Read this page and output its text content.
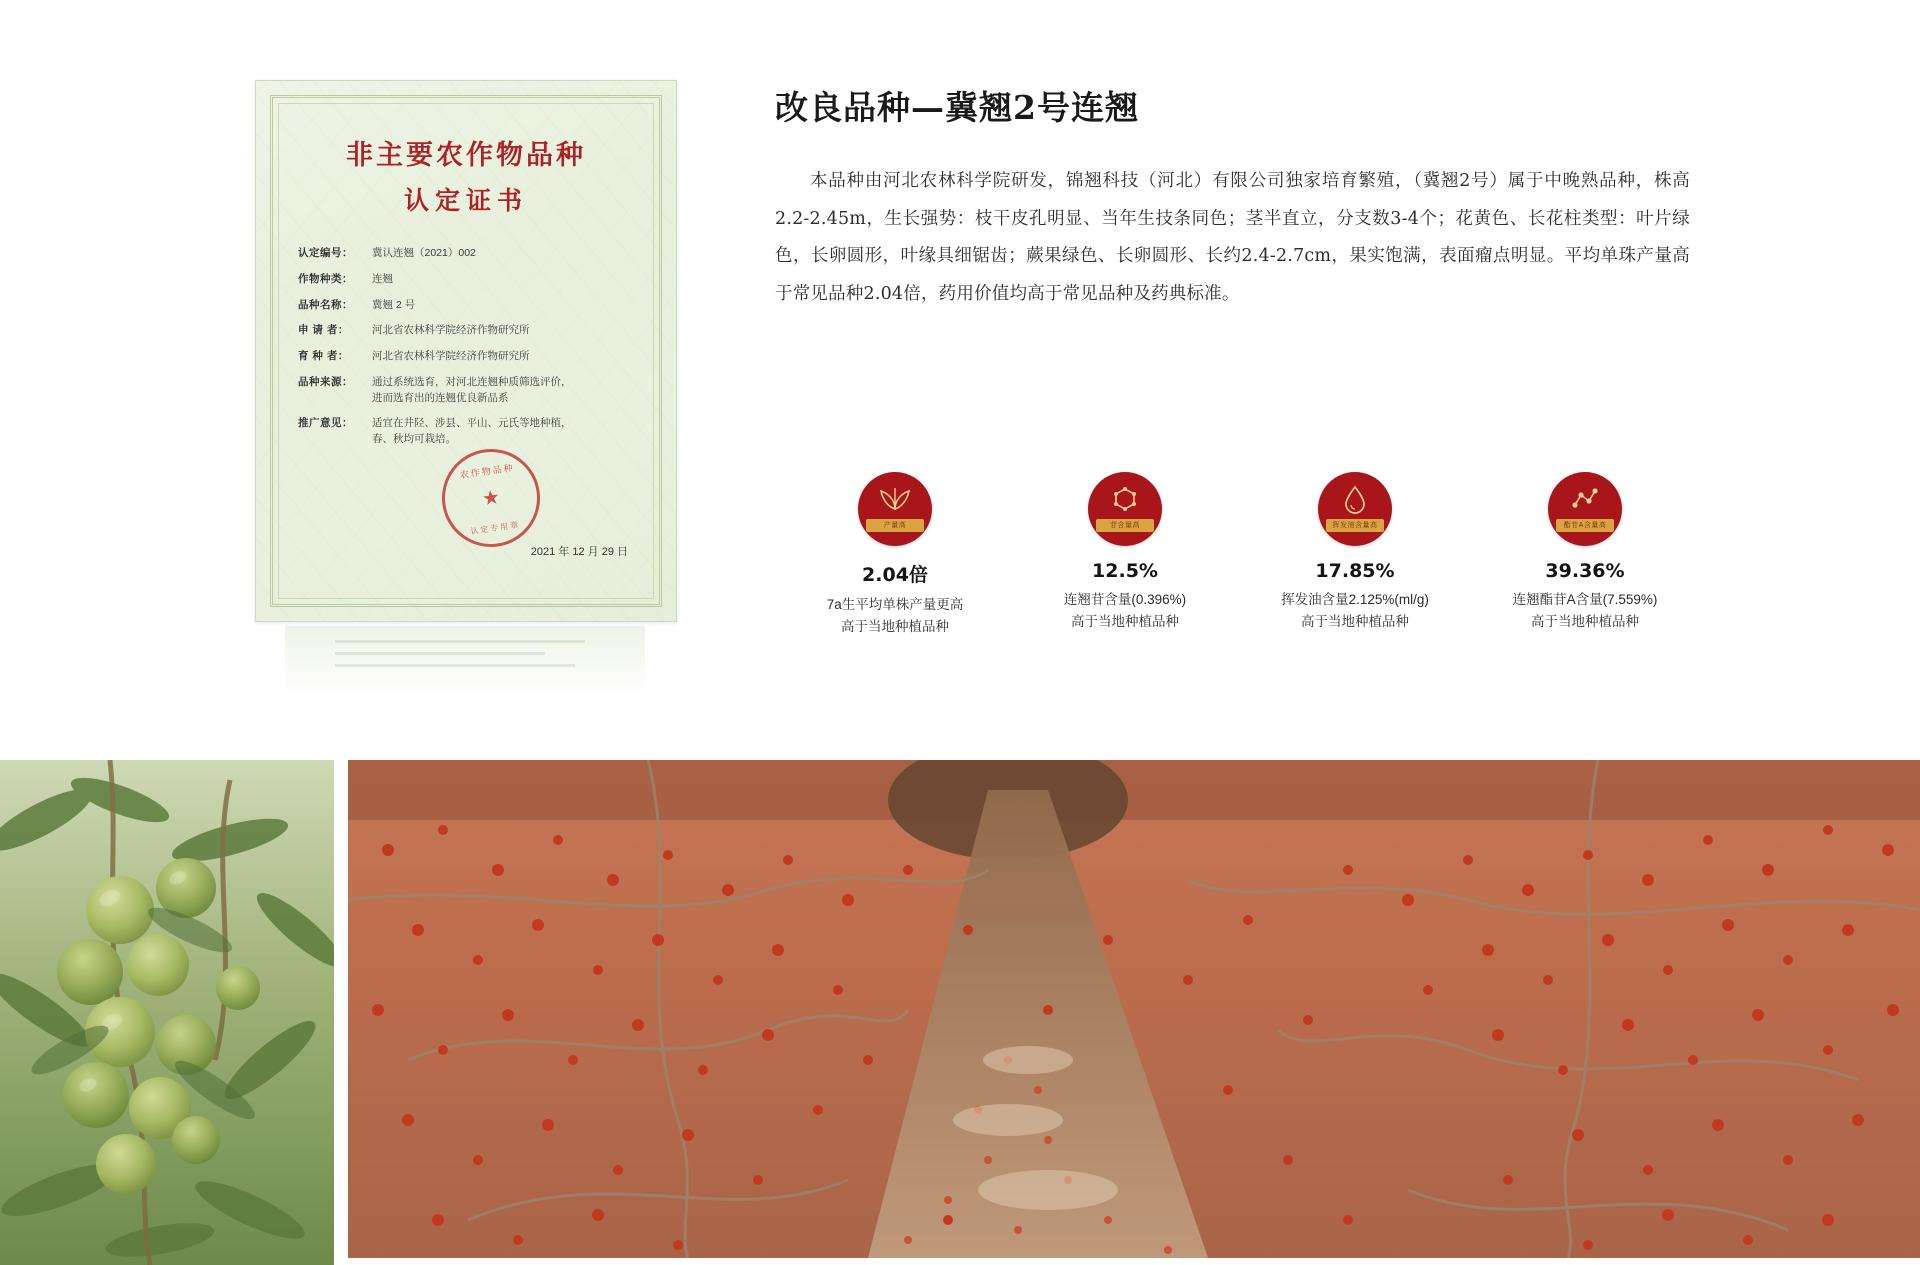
非主要农作物品种
认定证书
认定编号：	冀认连翘（2021）002
作物种类：	连翘
品种名称：	冀翘 2 号
申 请 者：	河北省农林科学院经济作物研究所
育 种 者：	河北省农林科学院经济作物研究所
品种来源：	通过系统选育，对河北连翘种质筛选评价，
进而选育出的连翘优良新品系
推广意见：	适宜在井陉、涉县、平山、元氏等地种植，
春、秋均可栽培。
农作物品种
★
认定专用章
2021 年 12 月 29 日
改良品种—冀翘2号连翘

本品种由河北农林科学院研发，锦翘科技（河北）有限公司独家培育繁殖，（冀翘2号）属于中晚熟品种，株高2.2-2.45m，生长强势：枝干皮孔明显、当年生技条同色；茎半直立，分支数3-4个；花黄色、长花柱类型：叶片绿色，长卵圆形，叶缘具细锯齿；蕨果绿色、长卵圆形、长约2.4-2.7cm，果实饱满，表面瘤点明显。平均单珠产量高于常见品种2.04倍，药用价值均高于常见品种及药典标准。

产量高
2.04倍
7a生平均单株产量更高
高于当地种植品种
苷含量高
12.5%
连翘苷含量(0.396%)
高于当地种植品种
挥发油含量高
17.85%
挥发油含量2.125%(ml/g)
高于当地种植品种
酯苷A含量高
39.36%
连翘酯苷A含量(7.559%)
高于当地种植品种
